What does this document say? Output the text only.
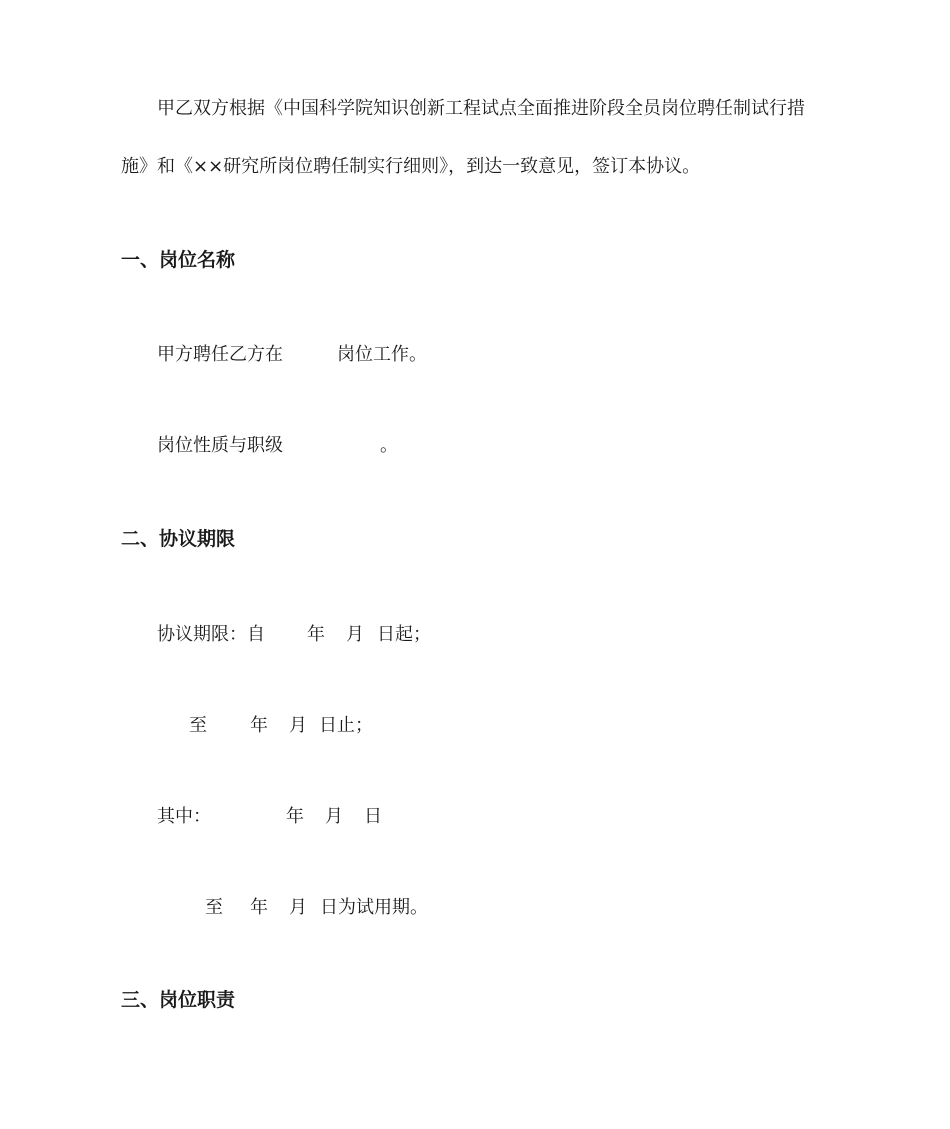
甲乙双方根据《中国科学院知识创新工程试点全面推进阶段全员岗位聘任制试行措
施》和《××研究所岗位聘任制实行细则》，到达一致意见，签订本协议。
一、岗位名称
甲方聘任乙方在	岗位工作。
岗位性质与职级	。
二、协议期限
协议期限：自 年 月 日起；
至 年 月 日止；
其中：	年 月 日
至 年 月 日为试用期。
三、岗位职责
